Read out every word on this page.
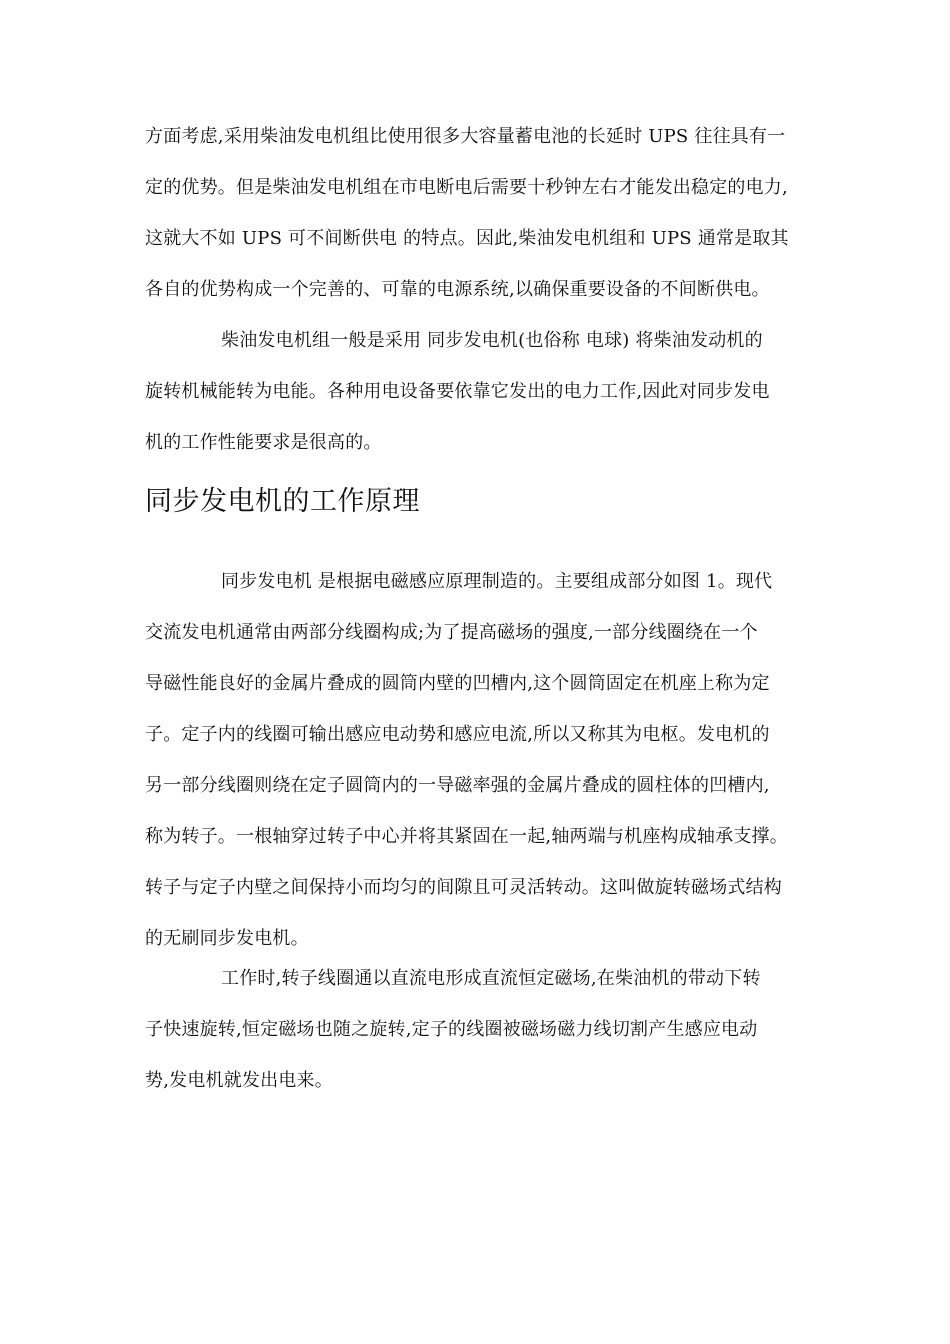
方面考虑,采用柴油发电机组比使用很多大容量蓄电池的长延时 UPS 往往具有一
定的优势。但是柴油发电机组在市电断电后需要十秒钟左右才能发出稳定的电力,
这就大不如 UPS 可不间断供电 的特点。因此,柴油发电机组和 UPS 通常是取其
各自的优势构成一个完善的、可靠的电源系统,以确保重要设备的不间断供电。
柴油发电机组一般是采用 同步发电机(也俗称 电球) 将柴油发动机的
旋转机械能转为电能。各种用电设备要依靠它发出的电力工作,因此对同步发电
机的工作性能要求是很高的。
同步发电机的工作原理
同步发电机 是根据电磁感应原理制造的。主要组成部分如图 1。现代
交流发电机通常由两部分线圈构成;为了提高磁场的强度,一部分线圈绕在一个
导磁性能良好的金属片叠成的圆筒内壁的凹槽内,这个圆筒固定在机座上称为定
子。定子内的线圈可输出感应电动势和感应电流,所以又称其为电枢。发电机的
另一部分线圈则绕在定子圆筒内的一导磁率强的金属片叠成的圆柱体的凹槽内,
称为转子。一根轴穿过转子中心并将其紧固在一起,轴两端与机座构成轴承支撑。
转子与定子内壁之间保持小而均匀的间隙且可灵活转动。这叫做旋转磁场式结构
的无刷同步发电机。
工作时,转子线圈通以直流电形成直流恒定磁场,在柴油机的带动下转
子快速旋转,恒定磁场也随之旋转,定子的线圈被磁场磁力线切割产生感应电动
势,发电机就发出电来。
